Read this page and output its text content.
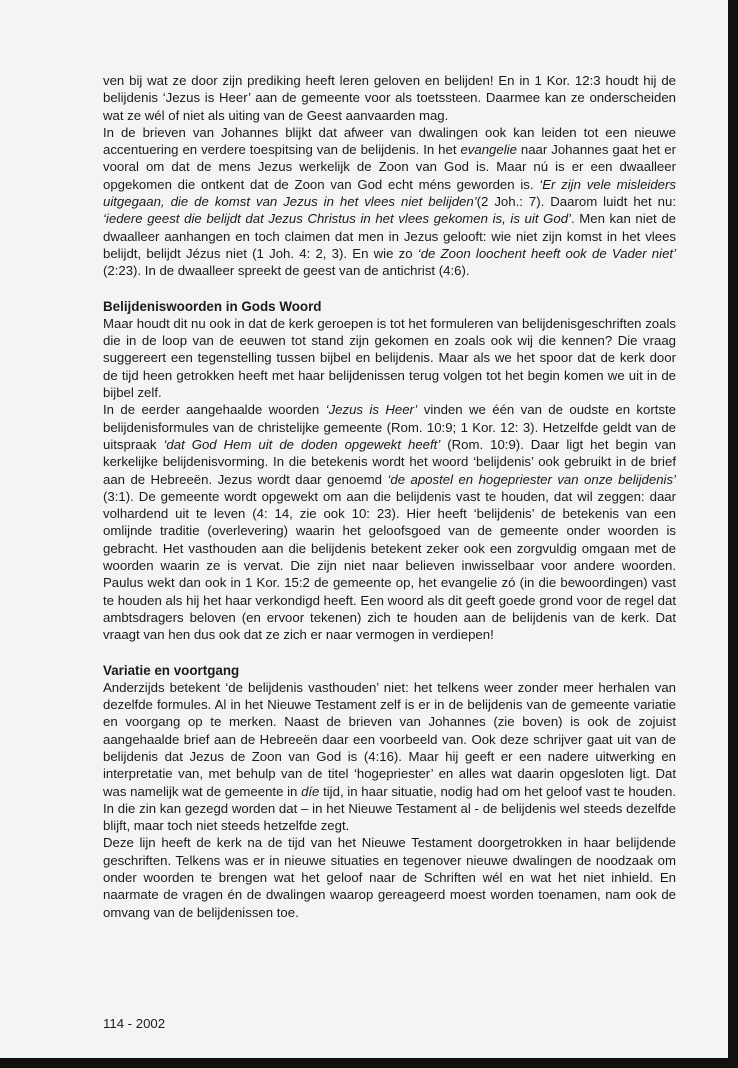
ven bij wat ze door zijn prediking heeft leren geloven en belijden! En in 1 Kor. 12:3 houdt hij de belijdenis ‘Jezus is Heer’ aan de gemeente voor als toetssteen. Daarmee kan ze onderscheiden wat ze wél of niet als uiting van de Geest aanvaarden mag.

In de brieven van Johannes blijkt dat afweer van dwalingen ook kan leiden tot een nieuwe accentuering en verdere toespitsing van de belijdenis. In het evangelie naar Johannes gaat het er vooral om dat de mens Jezus werkelijk de Zoon van God is. Maar nú is er een dwaalleer opgekomen die ontkent dat de Zoon van God echt méns geworden is. ‘Er zijn vele misleiders uitgegaan, die de komst van Jezus in het vlees niet belijden’(2 Joh.: 7). Daarom luidt het nu: ‘iedere geest die belijdt dat Jezus Christus in het vlees gekomen is, is uit God’. Men kan niet de dwaalleer aanhangen en toch claimen dat men in Jezus gelooft: wie niet zijn komst in het vlees belijdt, belijdt Jézus niet (1 Joh. 4: 2, 3). En wie zo ‘de Zoon loochent heeft ook de Vader niet’ (2:23). In de dwaalleer spreekt de geest van de antichrist (4:6).

Belijdeniswoorden in Gods Woord

Maar houdt dit nu ook in dat de kerk geroepen is tot het formuleren van belijdenisgeschriften zoals die in de loop van de eeuwen tot stand zijn gekomen en zoals ook wij die kennen? Die vraag suggereert een tegenstelling tussen bijbel en belijdenis. Maar als we het spoor dat de kerk door de tijd heen getrokken heeft met haar belijdenissen terug volgen tot het begin komen we uit in de bijbel zelf.

In de eerder aangehaalde woorden ‘Jezus is Heer’ vinden we één van de oudste en kortste belijdenisformules van de christelijke gemeente (Rom. 10:9; 1 Kor. 12: 3). Hetzelfde geldt van de uitspraak ‘dat God Hem uit de doden opgewekt heeft’ (Rom. 10:9). Daar ligt het begin van kerkelijke belijdenisvorming. In die betekenis wordt het woord ‘belijdenis’ ook gebruikt in de brief aan de Hebreeën. Jezus wordt daar genoemd ‘de apostel en hogepriester van onze belijdenis’ (3:1). De gemeente wordt opgewekt om aan die belijdenis vast te houden, dat wil zeggen: daar volhardend uit te leven (4: 14, zie ook 10: 23). Hier heeft ‘belijdenis’ de betekenis van een omlijnde traditie (overlevering) waarin het geloofsgoed van de gemeente onder woorden is gebracht. Het vasthouden aan die belijdenis betekent zeker ook een zorgvuldig omgaan met de woorden waarin ze is vervat. Die zijn niet naar believen inwisselbaar voor andere woorden. Paulus wekt dan ook in 1 Kor. 15:2 de gemeente op, het evangelie zó (in die bewoordingen) vast te houden als hij het haar verkondigd heeft. Een woord als dit geeft goede grond voor de regel dat ambtsdragers beloven (en ervoor tekenen) zich te houden aan de belijdenis van de kerk. Dat vraagt van hen dus ook dat ze zich er naar vermogen in verdiepen!

Variatie en voortgang

Anderzijds betekent ‘de belijdenis vasthouden’ niet: het telkens weer zonder meer herhalen van dezelfde formules. Al in het Nieuwe Testament zelf is er in de belijdenis van de gemeente variatie en voorgang op te merken. Naast de brieven van Johannes (zie boven) is ook de zojuist aangehaalde brief aan de Hebreeën daar een voorbeeld van. Ook deze schrijver gaat uit van de belijdenis dat Jezus de Zoon van God is (4:16). Maar hij geeft er een nadere uitwerking en interpretatie van, met behulp van de titel ‘hogepriester’ en alles wat daarin opgesloten ligt. Dat was namelijk wat de gemeente in díe tijd, in haar situatie, nodig had om het geloof vast te houden. In die zin kan gezegd worden dat – in het Nieuwe Testament al - de belijdenis wel steeds dezelfde blijft, maar toch niet steeds hetzelfde zegt.

Deze lijn heeft de kerk na de tijd van het Nieuwe Testament doorgetrokken in haar belijdende geschriften. Telkens was er in nieuwe situaties en tegenover nieuwe dwalingen de noodzaak om onder woorden te brengen wat het geloof naar de Schriften wél en wat het niet inhield. En naarmate de vragen én de dwalingen waarop gereageerd moest worden toenamen, nam ook de omvang van de belijdenissen toe.

114 - 2002
